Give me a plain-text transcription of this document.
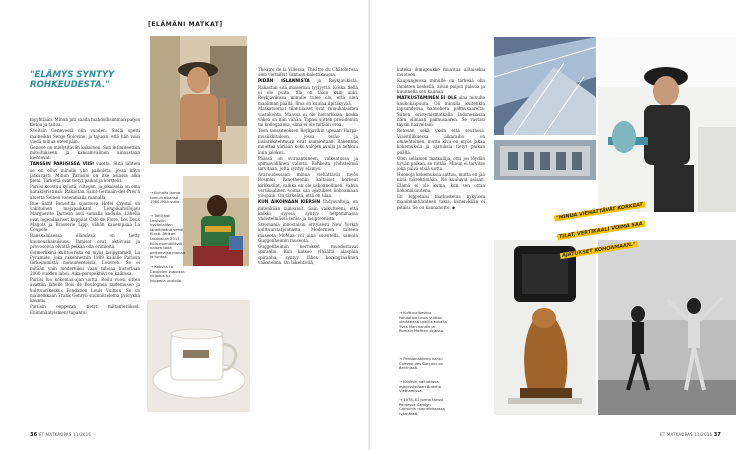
[ELÄMÄNI MATKAT]
"ELÄMYS SYNTYY ROHKEUDESTA."
→ Ilichalla Jorma tomuili aikansa 1980–90-luvulla.
→ Tahiljaoli Lewisilin hyvänlaiden Iähettiläänä vehdi Kiesti. Afrikan tasavallan 2013. Kuin normitilläviä naisen töitä peikamaisa maissa ja tuntoa.
→ Kahvila La Coupolen kupoissa kirjoitus tu kuppeila uusiolla.
"MINUA VIEHÄTTÄVÄT KORKEAT
TILAT, VERTIKAALI VOIMA SAA
AJATUKSET KOHOAMAAN."
→ Kulttuurikeskus Fondation Louis Vuitton vieläkeitaa upeilla kuvalla Yves Marchandin ja Romain Meffren sirjassa.
→ Pensionaalinen kahtu Comme des Garçons on Berlinissä.
→ Kiiuksin naitiottava mjajussteilaan Buddha Vietnamissa.
→ 1978–81 Jorma tanssi Pantessa Carolyn Carlsonin maineikkaassa ryhmässä.

myyhtiään. Minun piti saada mahdollisimman paljon tietoa ja taitoa.

Sveitsin Genevessä olin vuoden. Siellä opetti maineikas Serge Golovine, ja tajusin, että hän voisi viedä minua eteenpäin.

Geneve on mielytitävän kokoinen. Sen intimiteettiin mitoitukseen ja kansainvälinen ainoastaan kiehtovat.

TANSSIN PARIISISSA VIISI vuotta. Siitä lähtien se on ollut minulle yhe paikoista, jossa käyn jatkuvasti. Minun Pariisini on itse asiassa aika pieni. Tärkeitä ovat tietyt paikat ja korttelit.

Pariisi koostuu kylistä, ciltegen, ja jokaisella on oma karakteristinsä. Rakastan Saint-Germain-des-Prés'n aluetta Seinen vasemmalla rannalla.

Rue Saint Benoit'lla sijaitseva Hotel Crystal on vakituinen majapaikkani. Lempikahvilojani Marguerite Durasin asui samalla kadulla. Lähellä ovat legendaariset kuppilat Café de Flore, Les Deux Magots ja Brasserie Lipp, vähän kauempana La Coupole.

Ranskalaisessa elämässä on tietty kauneushakuisuus. Ihmiset ovat aktiivisia ja provosoivia olvattä pelkää olla erimieltä.

Esimerkkinä kulttuurista on myös lasipyramidi, La Pyramide, joka rakennettiin 1989 kaikille Pariisin tärkeimmistä monumenteista, Louvren. Se ei mitään vain moderniksi vaan tuhoaa historiaan 2000 vuoden laboi. Aika-perspektiivi on kaikissa.

Pariisi luo kokemaa-ajan uutta. Reilu vuosi sitten avattiin lähelle Bois de Boulognea taidemuseo ja kulttuurikeskus Fondation Louis Vuitton. Se on maineikkaan Frank Gehryn suunnittelema pyörykkä kaunus.

Pariisin oopperan tietyt miltanteräkset. Enimmäntyismeni tapahtui

Théâtre de la Villessa, Théâtre du Châtelet'ssa olen vieraillut Vantaan-balettikaussa.

PIDÄN ISLANNISTA ja Reykjavikista. Rakastan sitä maisemaa tyylyyttä. Koska tiellä ei ole puita, tila on tääin kuin auki. Reykjavikissa minulle tulee olo, että olen maailman päällä. Ilma on kuulaa ilpitäkyvää.

Matkatuomat tilantilaiset ovat ruinukalaisten vastakohta. Maassa ei ole hierarkkiaa, koska väkeä on niin vähän. Tapasi siitten presidentin tai kollegaansa, siinä ei ole mitään eroa.

Teen tanssiteoksen Reykjavikin upeaan Harpa-musiikkitaloon, jossa teräs- ja lasiarkkitehtuurit ovat kunnioitaan. Rakennus muuttaa väriään koko valojen avulla ja hehkuu kuin jalokivi.

Päässä on sviraantuneen, valkeatussa ja spiraavalilinen valinta. Rohkeita yhdistelmiä tarvitaan, jotta syntyy elämys.

Avaruudessaan minua viehättävät myös Rosman Panotheonin kaltaiset korkeat kirkkotilat, valkka en ole uskonnollinen. Vahva vertikaalinen voima saa ajatukset kohoamaan ylöspäin. On tärkeätä, että on tilaa.

KUN AIKOINAAN KIERSIN Yhdysvaltoja, en mitenkään lainoanut. Sain vaikutteeni, että kaikki syyssä syntyy helpommassa yhdistelmässä teräs- ja lasiptoonista.

Stromania innostaisin erityisesti New Yorkin kulttuuritarjonnasta. Modernien taiteen museota MoMaa voi aina suositella, samoin Guggenheimin museota.

Guggenheimin kerrokset muodostavat spiraalin. Kun katsoo ylhäältä alaspäin spiraalia, syntyy lähes korengraafinen vaikutelma. On liikehtivää,

kuteka ihmisjoukko muuttaa alitaiseksi muotoon.

Kaupungeissa minulle on tärkeää olla ihmisten keskellä, aivan paljon pulssia ja kuunnella sen kaunaa.

MATKUSTAMINEN EI OLE aina minulle kaukokaipuuta. Oli minulla kuitenkin lapsundessa haavekera palmusaarelta. Siihen eristymismatkalla Indonesiassa näin olimaan palmusaaren. Se vastasi täysin haaveitani.

Retouan sekä yksin että seurassa. Viaistililkuessa aikaraiba on omaehtoinen, mutta kiva on myös jakaa kokemuksia ja ajatuksia tietyt paikan päällä.

Olen sellainen matkailija, että jos löydän hyvän paikan, se riittää. Minun ei tarvitse joka päivä etsiä uutta.

Huonoja kokemuksia sattuu, mutta en jää niitä märehtimään. Ne kuuluvat asiaan. Elämä ei ole kuma, kun sen ottaa kokonaisuutena.

En loppetaisi matkustelua nykyisen maailmantilanteen takia, kenen-kään ei pitäisi. Se on kannanotto. ◆

36 ET MATKAOPAS 11/2016	ET MATKAOPAS 11/2016 37
